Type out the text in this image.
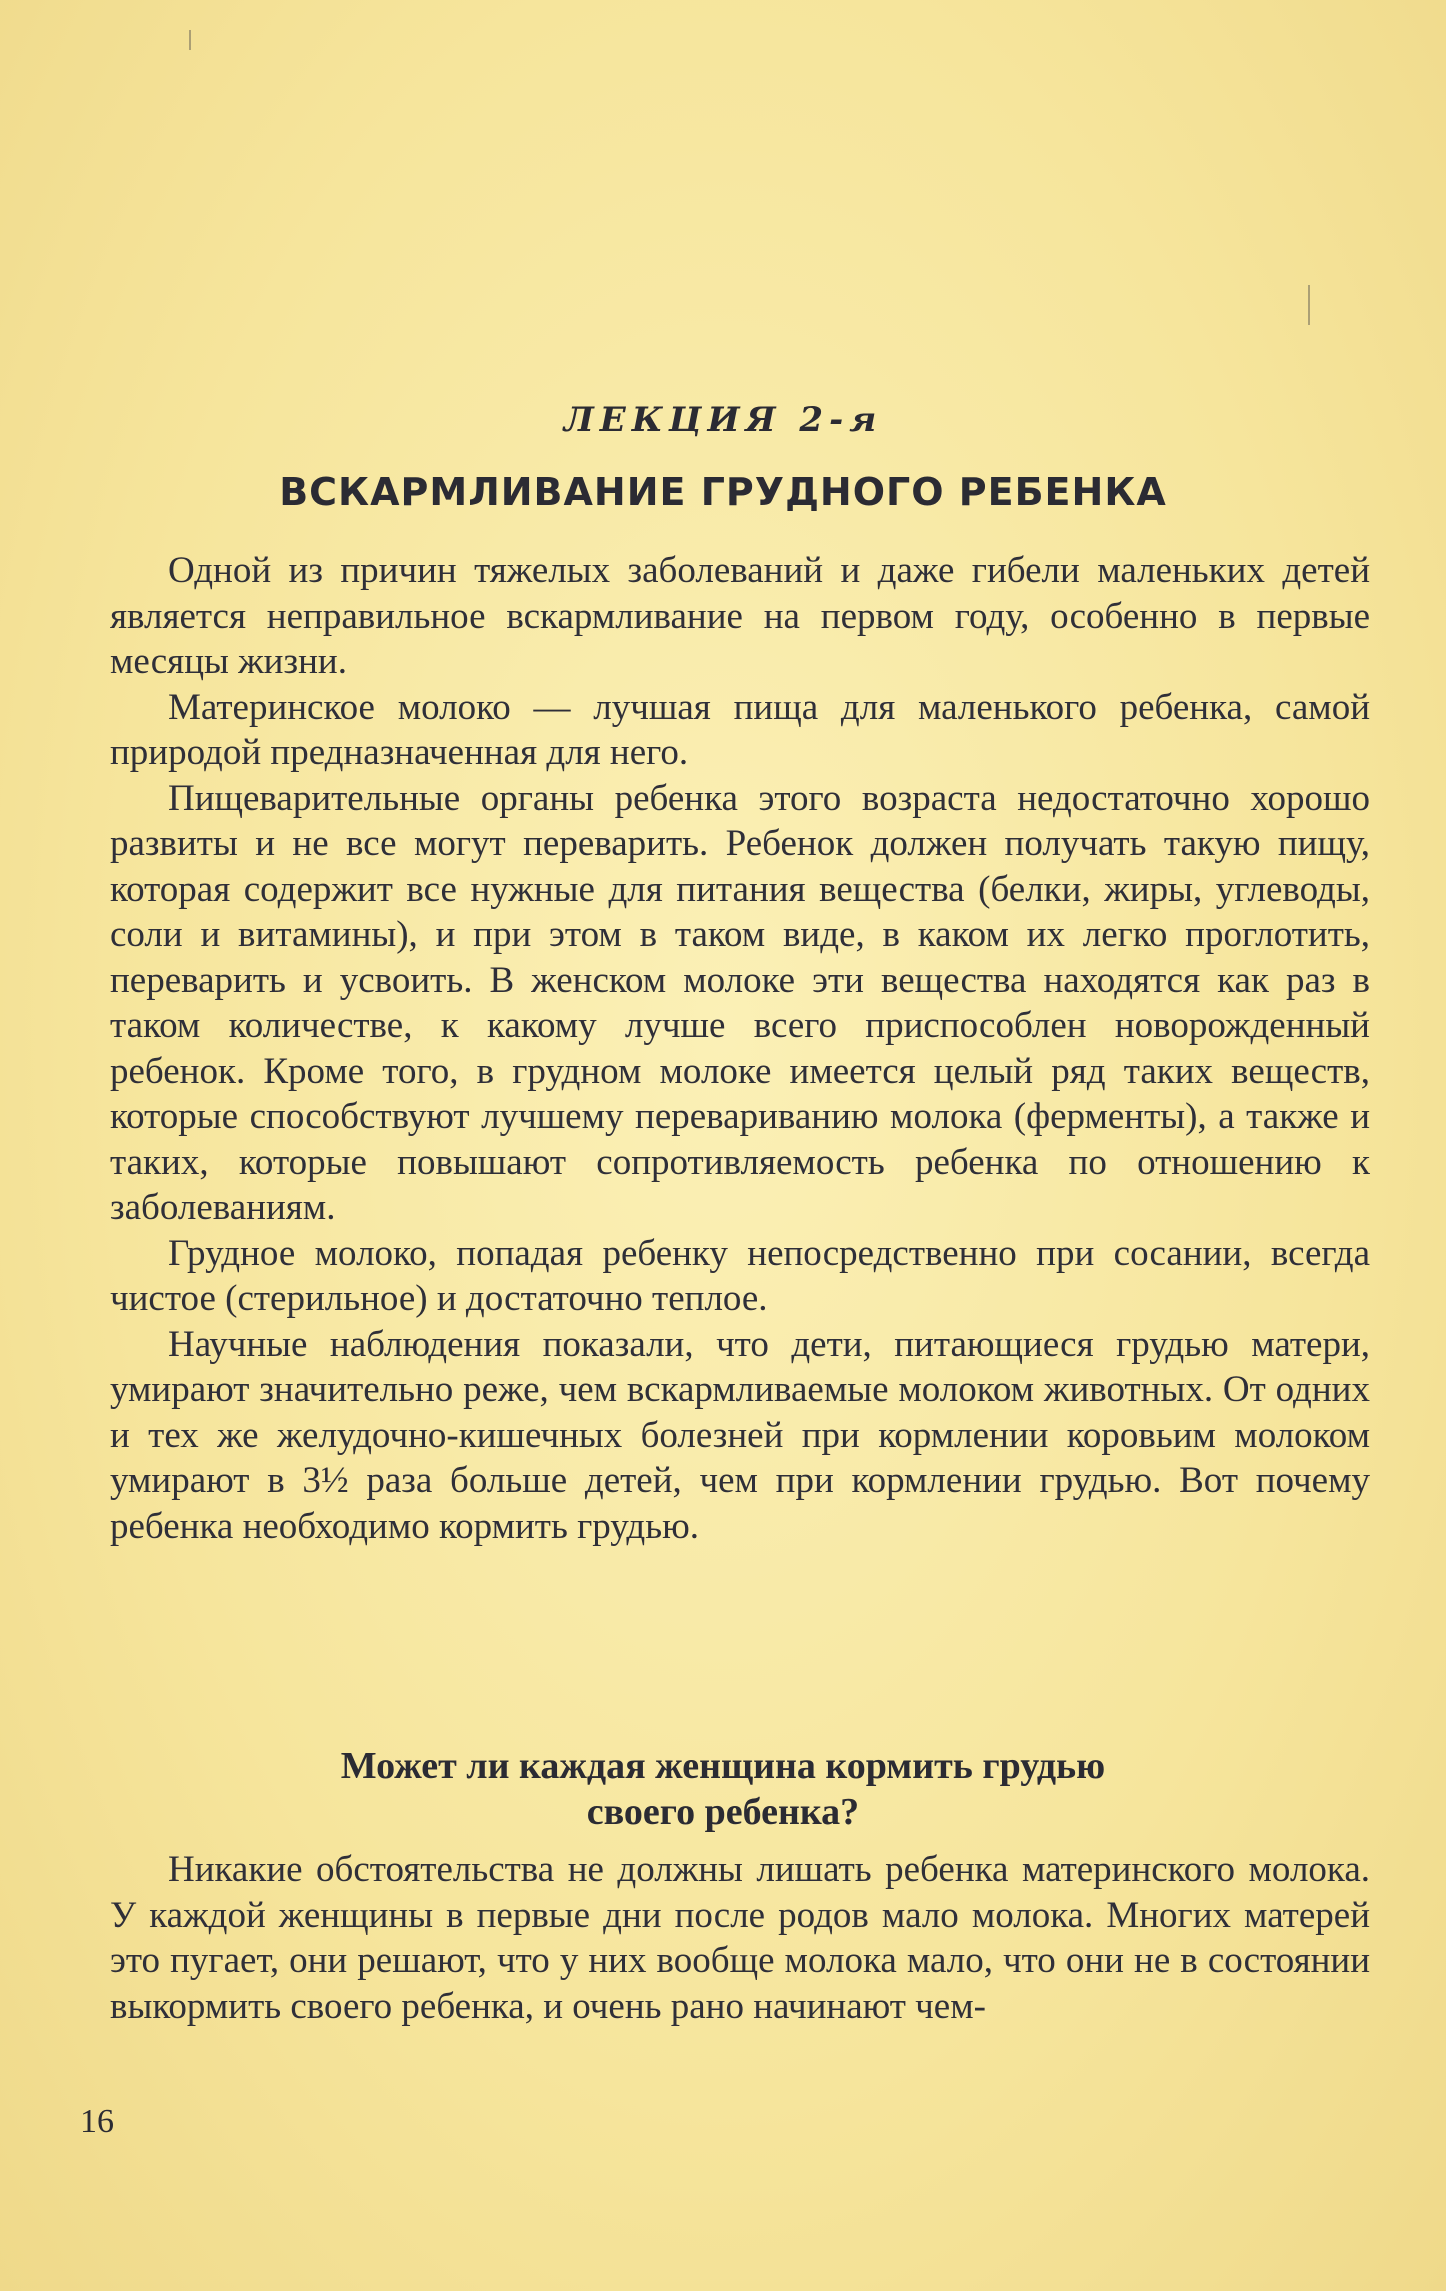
ЛЕКЦИЯ 2-я
ВСКАРМЛИВАНИЕ ГРУДНОГО РЕБЕНКА

Одной из причин тяжелых заболеваний и даже гибели маленьких детей является неправильное вскармливание на первом году, особенно в первые месяцы жизни.

Материнское молоко — лучшая пища для маленького ребенка, самой природой предназначенная для него.

Пищеварительные органы ребенка этого возраста недостаточно хорошо развиты и не все могут переварить. Ребенок должен получать такую пищу, которая содержит все нужные для питания вещества (белки, жиры, углеводы, соли и витамины), и при этом в таком виде, в каком их легко проглотить, переварить и усвоить. В женском молоке эти вещества находятся как раз в таком количестве, к какому лучше всего приспособлен новорожденный ребенок. Кроме того, в грудном молоке имеется целый ряд таких веществ, которые способствуют лучшему перевариванию молока (ферменты), а также и таких, которые повышают сопротивляемость ребенка по отношению к заболеваниям.

Грудное молоко, попадая ребенку непосредственно при сосании, всегда чистое (стерильное) и достаточно теплое.

Научные наблюдения показали, что дети, питающиеся грудью матери, умирают значительно реже, чем вскармливаемые молоком животных. От одних и тех же желудочно-кишечных болезней при кормлении коровьим молоком умирают в 3½ раза больше детей, чем при кормлении грудью. Вот почему ребенка необходимо кормить грудью.

Может ли каждая женщина кормить грудью
своего ребенка?

Никакие обстоятельства не должны лишать ребенка материнского молока. У каждой женщины в первые дни после родов мало молока. Многих матерей это пугает, они решают, что у них вообще молока мало, что они не в состоянии выкормить своего ребенка, и очень рано начинают чем-

16
